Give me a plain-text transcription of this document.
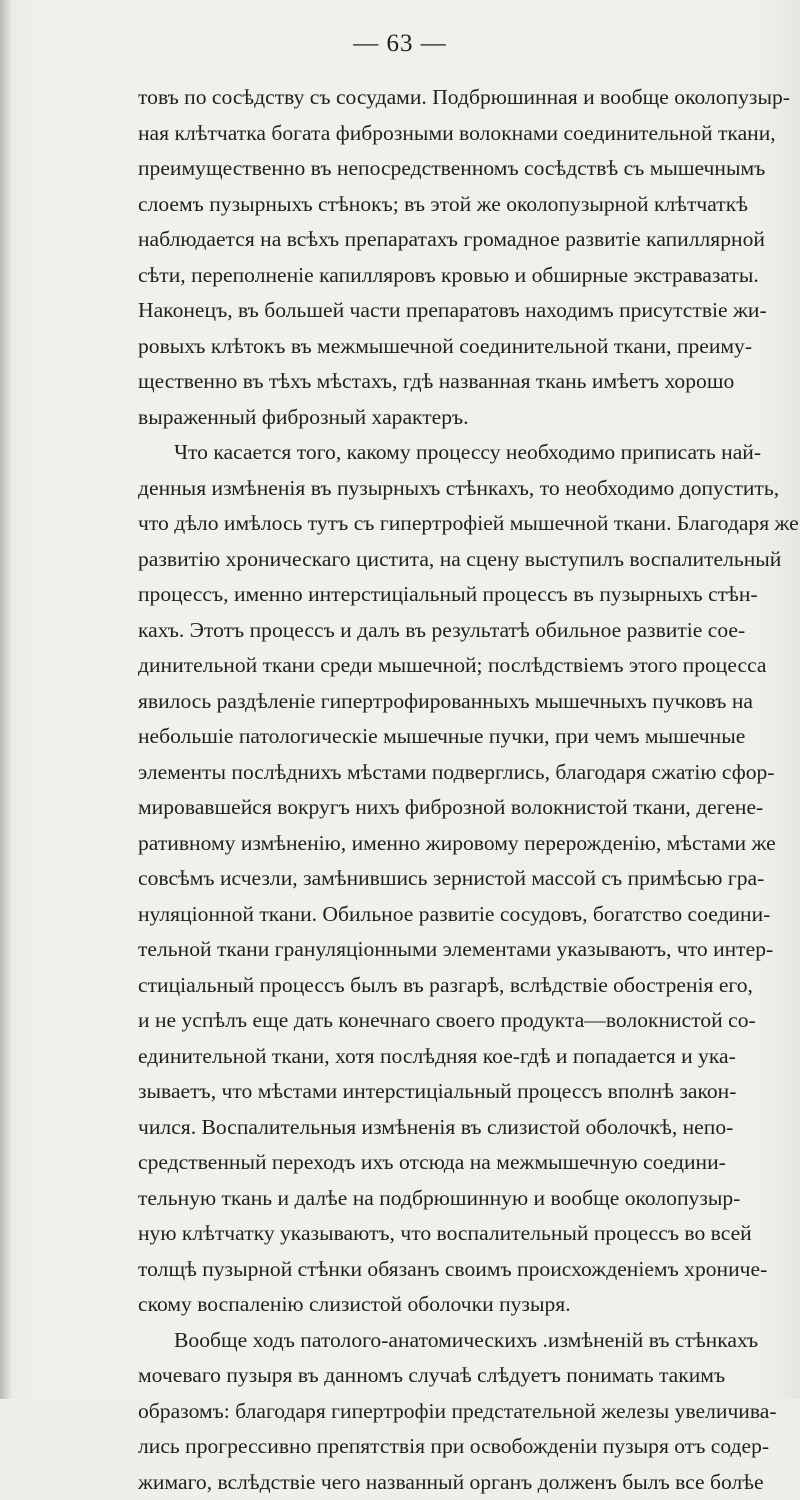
— 63 —
товъ по сосѣдству съ сосудами. Подбрюшинная и вообще околопузыр-
ная клѣтчатка богата фиброзными волокнами соединительной ткани,
преимущественно въ непосредственномъ сосѣдствѣ съ мышечнымъ
слоемъ пузырныхъ стѣнокъ; въ этой же околопузырной клѣтчаткѣ
наблюдается на всѣхъ препаратахъ громадное развитіе капиллярной
сѣти, переполненіе капилляровъ кровью и обширные экстравазаты.
Наконецъ, въ большей части препаратовъ находимъ присутствіе жи-
ровыхъ клѣтокъ въ межмышечной соединительной ткани, преиму-
щественно въ тѣхъ мѣстахъ, гдѣ названная ткань имѣетъ хорошо
выраженный фиброзный характеръ.
Что касается того, какому процессу необходимо приписать най-
денныя измѣненія въ пузырныхъ стѣнкахъ, то необходимо допустить,
что дѣло имѣлось тутъ съ гипертрофіей мышечной ткани. Благодаря же
развитію хроническаго цистита, на сцену выступилъ воспалительный
процессъ, именно интерстиціальный процессъ въ пузырныхъ стѣн-
кахъ. Этотъ процессъ и далъ въ результатѣ обильное развитіе сое-
динительной ткани среди мышечной; послѣдствіемъ этого процесса
явилось раздѣленіе гипертрофированныхъ мышечныхъ пучковъ на
небольшіе патологическіе мышечные пучки, при чемъ мышечные
элементы послѣднихъ мѣстами подверглись, благодаря сжатію сфор-
мировавшейся вокругъ нихъ фиброзной волокнистой ткани, дегене-
ративному измѣненію, именно жировому перерожденію, мѣстами же
совсѣмъ исчезли, замѣнившись зернистой массой съ примѣсью гра-
нуляціонной ткани. Обильное развитіе сосудовъ, богатство соедини-
тельной ткани грануляціонными элементами указываютъ, что интер-
стиціальный процессъ былъ въ разгарѣ, вслѣдствіе обостренія его,
и не успѣлъ еще дать конечнаго своего продукта—волокнистой со-
единительной ткани, хотя послѣдняя кое-гдѣ и попадается и ука-
зываетъ, что мѣстами интерстиціальный процессъ вполнѣ закон-
чился. Воспалительныя измѣненія въ слизистой оболочкѣ, непо-
средственный переходъ ихъ отсюда на межмышечную соедини-
тельную ткань и далѣе на подбрюшинную и вообще околопузыр-
ную клѣтчатку указываютъ, что воспалительный процессъ во всей
толщѣ пузырной стѣнки обязанъ своимъ происхожденіемъ хрониче-
скому воспаленію слизистой оболочки пузыря.
Вообще ходъ патолого-анатомическихъ .измѣненій въ стѣнкахъ
мочеваго пузыря въ данномъ случаѣ слѣдуетъ понимать такимъ
образомъ: благодаря гипертрофіи предстательной железы увеличива-
лись прогрессивно препятствія при освобожденіи пузыря отъ содер-
жимаго, вслѣдствіе чего названный органъ долженъ былъ все болѣе
